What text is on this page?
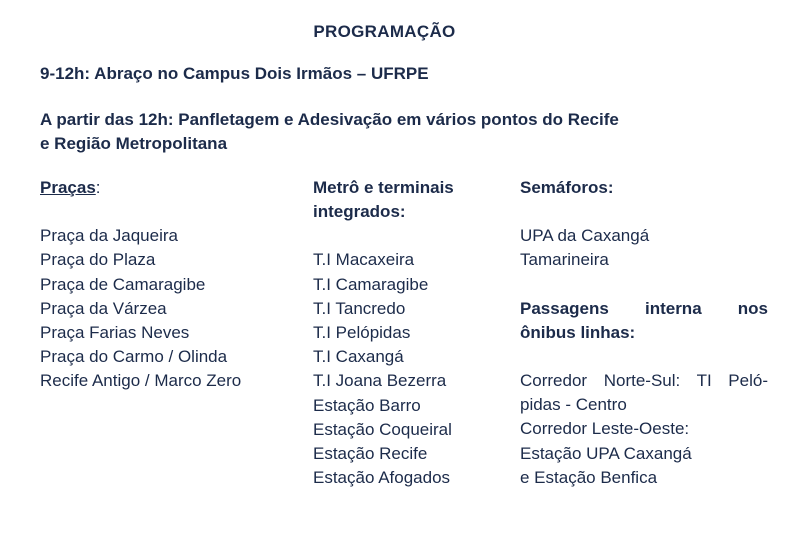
PROGRAMAÇÃO
9-12h: Abraço no Campus Dois Irmãos – UFRPE
A partir das 12h: Panfletagem e Adesivação em vários pontos do Recife
e Região Metropolitana
Praças:
Praça da Jaqueira
Praça do Plaza
Praça de Camaragibe
Praça da Várzea
Praça Farias Neves
Praça do Carmo / Olinda
Recife Antigo / Marco Zero
Metrô e terminais
integrados:
T.I Macaxeira
T.I Camaragibe
T.I Tancredo
T.I Pelópidas
T.I Caxangá
T.I Joana Bezerra
Estação Barro
Estação Coqueiral
Estação Recife
Estação Afogados
Semáforos:
UPA da Caxangá
Tamarineira
Passagens interna nos
ônibus linhas:
Corredor Norte-Sul: TI Peló-
pidas - Centro
Corredor Leste-Oeste:
Estação UPA Caxangá
e Estação Benfica
